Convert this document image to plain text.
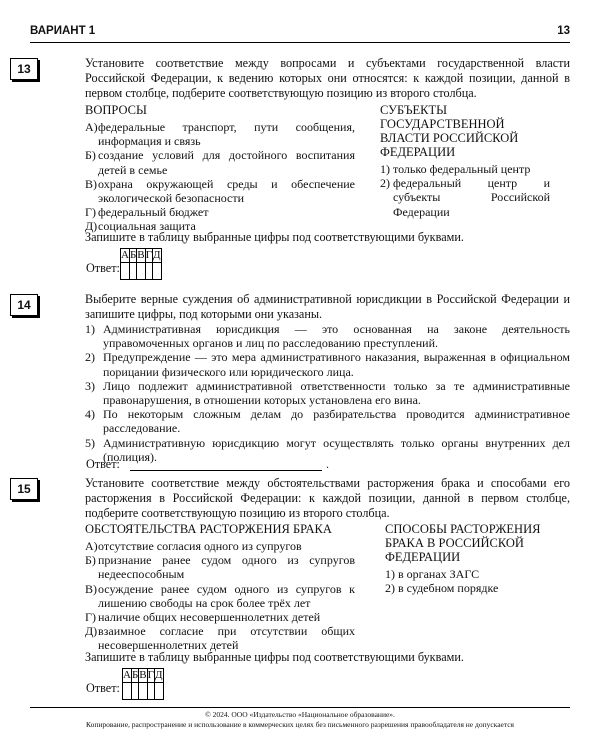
ВАРИАНТ 1	13
13	Установите соответствие между вопросами и субъектами государственной власти Российской Федерации, к ведению которых они относятся: к каждой позиции, данной в первом столбце, подберите соответствующую позицию из второго столбца.
ВОПРОСЫ
А) федеральные транспорт, пути сообщения, информация и связь
Б) создание условий для достойного воспитания детей в семье
В) охрана окружающей среды и обеспечение экологической безопасности
Г) федеральный бюджет
Д) социальная защита
СУБЪЕКТЫ ГОСУДАРСТВЕННОЙ ВЛАСТИ РОССИЙСКОЙ ФЕДЕРАЦИИ
1) только федеральный центр
2) федеральный центр и субъекты Российской Федерации
Запишите в таблицу выбранные цифры под соответствующими буквами.
Ответ:
А	Б	В	Г	Д

14	Выберите верные суждения об административной юрисдикции в Российской Федерации и запишите цифры, под которыми они указаны.
1) Административная юрисдикция — это основанная на законе деятельность управомоченных органов и лиц по расследованию преступлений.
2) Предупреждение — это мера административного наказания, выраженная в официальном порицании физического или юридического лица.
3) Лицо подлежит административной ответственности только за те административные правонарушения, в отношении которых установлена его вина.
4) По некоторым сложным делам до разбирательства проводится административное расследование.
5) Административную юрисдикцию могут осуществлять только органы внутренних дел (полиция).
Ответ:	.
15	Установите соответствие между обстоятельствами расторжения брака и способами его расторжения в Российской Федерации: к каждой позиции, данной в первом столбце, подберите соответствующую позицию из второго столбца.
ОБСТОЯТЕЛЬСТВА РАСТОРЖЕНИЯ БРАКА
А) отсутствие согласия одного из супругов
Б) признание ранее судом одного из супругов недееспособным
В) осуждение ранее судом одного из супругов к лишению свободы на срок более трёх лет
Г) наличие общих несовершеннолетних детей
Д) взаимное согласие при отсутствии общих несовершеннолетних детей
СПОСОБЫ РАСТОРЖЕНИЯ БРАКА В РОССИЙСКОЙ ФЕДЕРАЦИИ
1) в органах ЗАГС
2) в судебном порядке
Запишите в таблицу выбранные цифры под соответствующими буквами.
Ответ:
А	Б	В	Г	Д

© 2024. ООО «Издательство «Национальное образование».
Копирование, распространение и использование в коммерческих целях без письменного разрешения правообладателя не допускается
